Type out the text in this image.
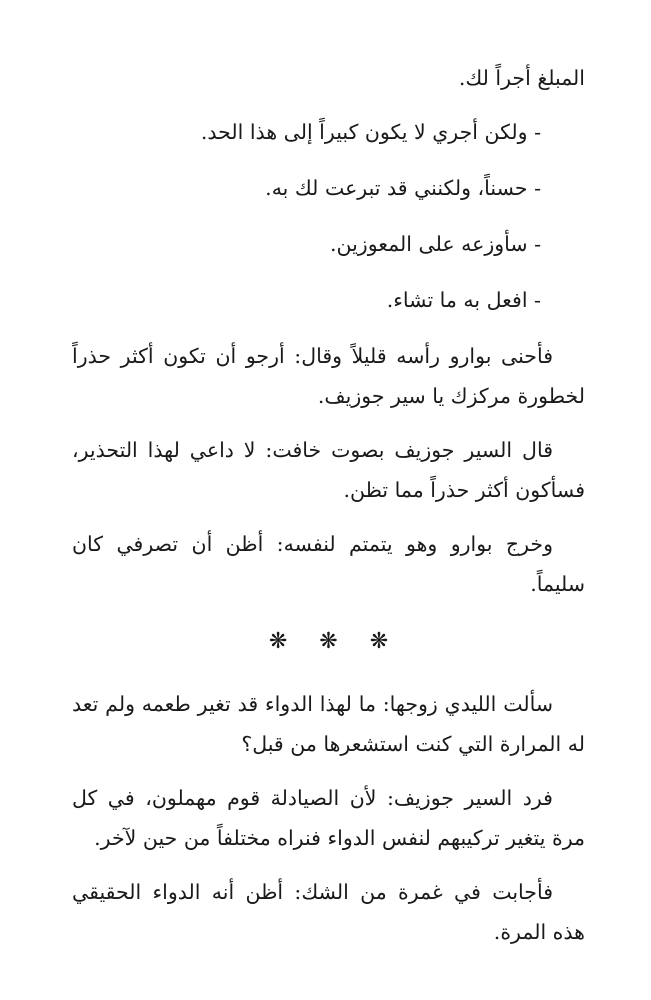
المبلغ أجراً لك.

- ولكن أجري لا يكون كبيراً إلى هذا الحد.

- حسناً، ولكنني قد تبرعت لك به.

- سأوزعه على المعوزين.

- افعل به ما تشاء.

فأحنى بوارو رأسه قليلاً وقال: أرجو أن تكون أكثر حذراً لخطورة مركزك يا سير جوزيف.

قال السير جوزيف بصوت خافت: لا داعي لهذا التحذير، فسأكون أكثر حذراً مما تظن.

وخرج بوارو وهو يتمتم لنفسه: أظن أن تصرفي كان سليماً.

❋ ❋ ❋

سألت الليدي زوجها: ما لهذا الدواء قد تغير طعمه ولم تعد له المرارة التي كنت استشعرها من قبل؟

فرد السير جوزيف: لأن الصيادلة قوم مهملون، في كل مرة يتغير تركيبهم لنفس الدواء فنراه مختلفاً من حين لآخر.

فأجابت في غمرة من الشك: أظن أنه الدواء الحقيقي هذه المرة.
